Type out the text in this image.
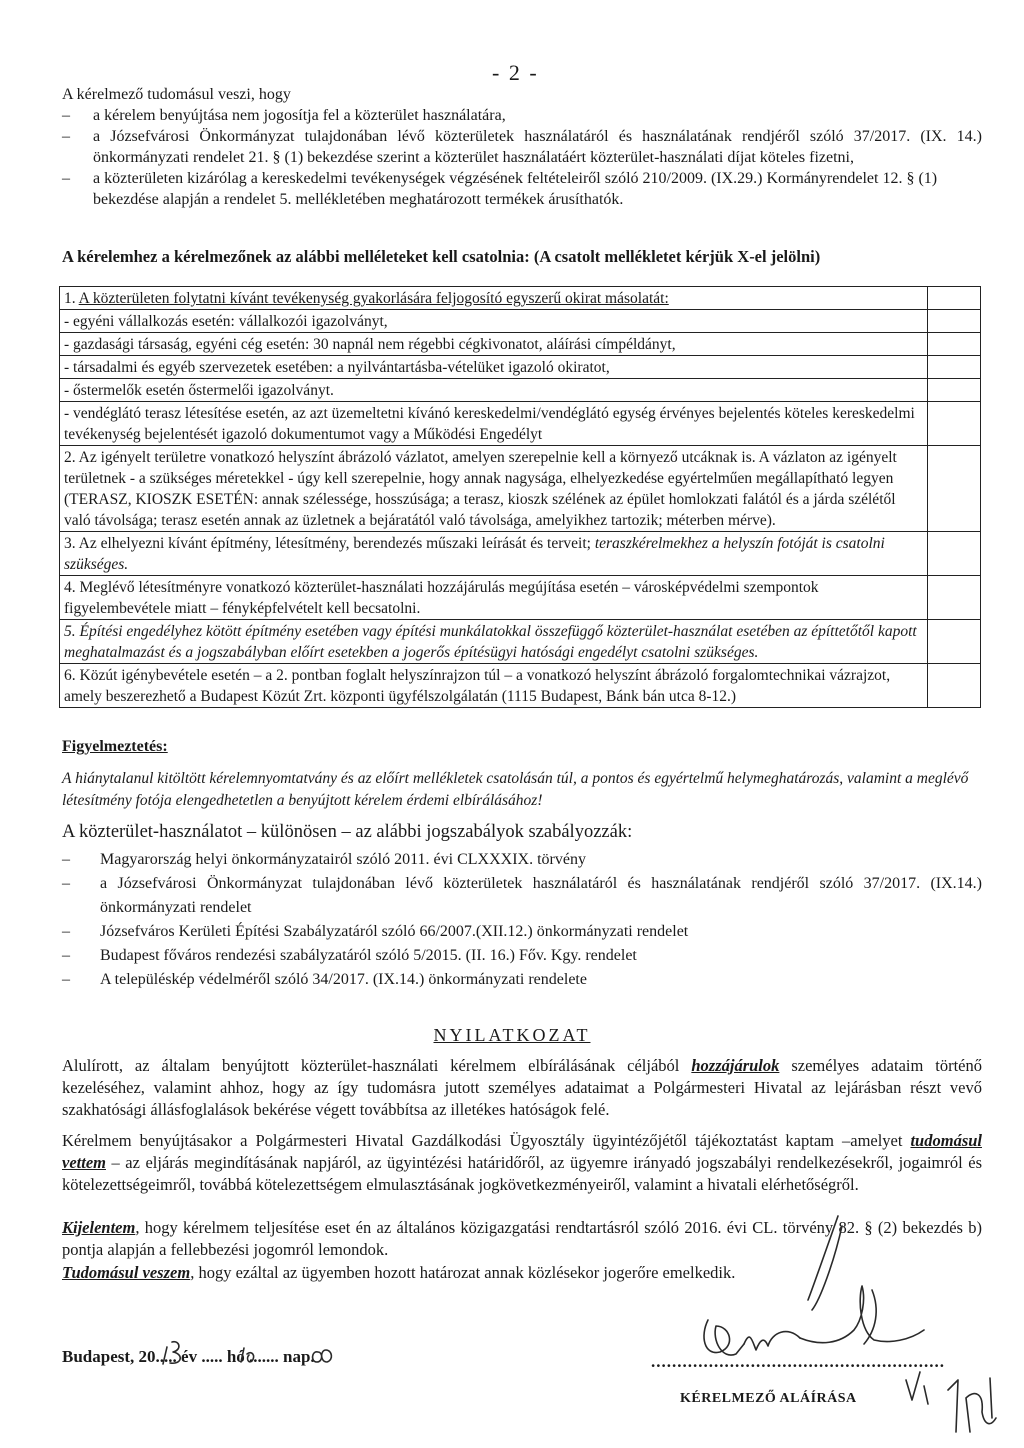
- 2 -
A kérelmező tudomásul veszi, hogy
– a kérelem benyújtása nem jogosítja fel a közterület használatára,
– a Józsefvárosi Önkormányzat tulajdonában lévő közterületek használatáról és használatának rendjéről szóló 37/2017. (IX. 14.) önkormányzati rendelet 21. § (1) bekezdése szerint a közterület használatáért közterület-használati díjat köteles fizetni,
– a közterületen kizárólag a kereskedelmi tevékenységek végzésének feltételeiről szóló 210/2009. (IX.29.) Kormányrendelet 12. § (1) bekezdése alapján a rendelet 5. mellékletében meghatározott termékek árusíthatók.
A kérelemhez a kérelmezőnek az alábbi melléleteket kell csatolnia: (A csatolt mellékletet kérjük X-el jelölni)
1. A közterületen folytatni kívánt tevékenység gyakorlására feljogosító egyszerű okirat másolatát:	
- egyéni vállalkozás esetén: vállalkozói igazolványt,	
- gazdasági társaság, egyéni cég esetén: 30 napnál nem régebbi cégkivonatot, aláírási címpéldányt,	
- társadalmi és egyéb szervezetek esetében: a nyilvántartásba-vételüket igazoló okiratot,	
- őstermelők esetén őstermelői igazolványt.	
- vendéglátó terasz létesítése esetén, az azt üzemeltetni kívánó kereskedelmi/vendéglátó egység érvényes bejelentés köteles kereskedelmi tevékenység bejelentését igazoló dokumentumot vagy a Működési Engedélyt	
2. Az igényelt területre vonatkozó helyszínt ábrázoló vázlatot, amelyen szerepelnie kell a környező utcáknak is. A vázlaton az igényelt területnek - a szükséges méretekkel - úgy kell szerepelnie, hogy annak nagysága, elhelyezkedése egyértelműen megállapítható legyen (TERASZ, KIOSZK ESETÉN: annak szélessége, hosszúsága; a terasz, kioszk szélének az épület homlokzati falától és a járda szélétől való távolsága; terasz esetén annak az üzletnek a bejáratától való távolsága, amelyikhez tartozik; méterben mérve).	
3. Az elhelyezni kívánt építmény, létesítmény, berendezés műszaki leírását és terveit; teraszkérelmekhez a helyszín fotóját is csatolni szükséges.	
4. Meglévő létesítményre vonatkozó közterület-használati hozzájárulás megújítása esetén – városképvédelmi szempontok figyelembevétele miatt – fényképfelvételt kell becsatolni.	
5. Építési engedélyhez kötött építmény esetében vagy építési munkálatokkal összefüggő közterület-használat esetében az építtetőtől kapott meghatalmazást és a jogszabályban előírt esetekben a jogerős építésügyi hatósági engedélyt csatolni szükséges.	
6. Közút igénybevétele esetén – a 2. pontban foglalt helyszínrajzon túl – a vonatkozó helyszínt ábrázoló forgalomtechnikai vázrajzot, amely beszerezhető a Budapest Közút Zrt. központi ügyfélszolgálatán (1115 Budapest, Bánk bán utca 8-12.)	
Figyelmeztetés:
A hiánytalanul kitöltött kérelemnyomtatvány és az előírt mellékletek csatolásán túl, a pontos és egyértelmű helymeghatározás, valamint a meglévő létesítmény fotója elengedhetetlen a benyújtott kérelem érdemi elbírálásához!
A közterület-használatot – különösen – az alábbi jogszabályok szabályozzák:
– Magyarország helyi önkormányzatairól szóló 2011. évi CLXXXIX. törvény
– a Józsefvárosi Önkormányzat tulajdonában lévő közterületek használatáról és használatának rendjéről szóló 37/2017. (IX.14.) önkormányzati rendelet
– Józsefváros Kerületi Építési Szabályzatáról szóló 66/2007.(XII.12.) önkormányzati rendelet
– Budapest főváros rendezési szabályzatáról szóló 5/2015. (II. 16.) Főv. Kgy. rendelet
– A településkép védelméről szóló 34/2017. (IX.14.) önkormányzati rendelete
NYILATKOZAT
Alulírott, az általam benyújtott közterület-használati kérelmem elbírálásának céljából hozzájárulok személyes adataim történő kezeléséhez, valamint ahhoz, hogy az így tudomásra jutott személyes adataimat a Polgármesteri Hivatal az lejárásban részt vevő szakhatósági állásfoglalások bekérése végett továbbítsa az illetékes hatóságok felé.
Kérelmem benyújtásakor a Polgármesteri Hivatal Gazdálkodási Ügyosztály ügyintézőjétől tájékoztatást kaptam –amelyet tudomásul vettem – az eljárás megindításának napjáról, az ügyintézési határidőről, az ügyemre irányadó jogszabályi rendelkezésekről, jogaimról és kötelezettségeimről, továbbá kötelezettségem elmulasztásának jogkövetkezményeiről, valamint a hivatali elérhetőségről.
Kijelentem, hogy kérelmem teljesítése eset én az általános közigazgatási rendtartásról szóló 2016. évi CL. törvény 82. § (2) bekezdés b) pontja alapján a fellebbezési jogomról lemondok.
Tudomásul veszem, hogy ezáltal az ügyemben hozott határozat annak közlésekor jogerőre emelkedik.
Budapest, 20..... év ..... hó ....... nap.	........................................................
KÉRELMEZŐ ALÁÍRÁSA
